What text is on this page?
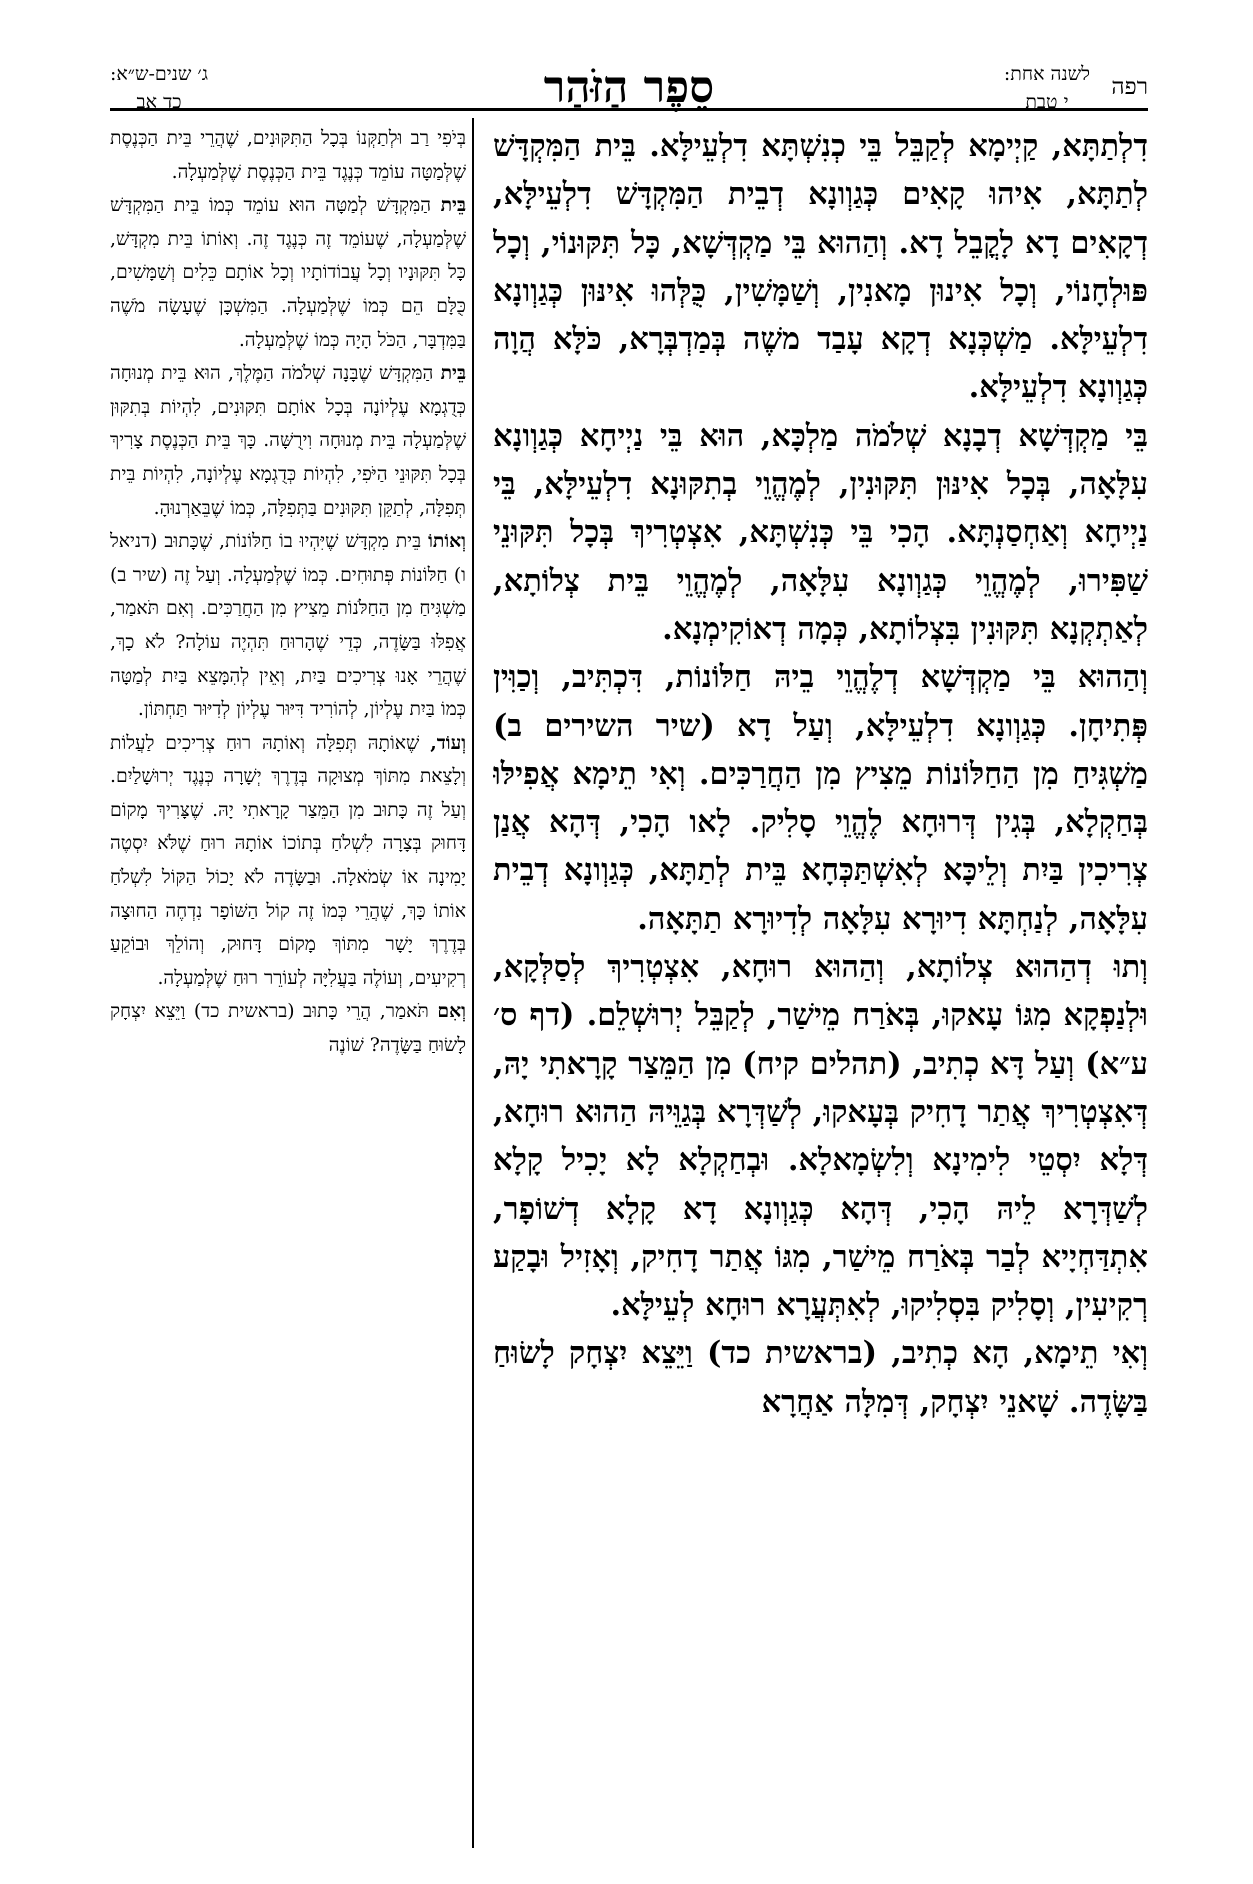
רפה
לשנה אחת:
י טבת
סֵפֶר הַזֹּהַר
ג׳ שנים-ש״א:
כד אב

דִלְתַתָּא, קַיְימָא לְקַבֵּל בֵּי כְנִשְׁתָּא דִלְעֵילָּא. בֵּית הַמִּקְדָּשׁ לְתַתָּא, אִיהוּ קָאִים כְּגַוְונָא דְבֵית הַמִּקְדָּשׁ דִלְעֵילָּא, דְקָאִים דָא לָקֳבֵל דָא. וְהַהוּא בֵּי מַקְדְּשָׁא, כָּל תִּקּוּנוֹי, וְכָל פּוּלְחָנוֹי, וְכָל אִינוּן מָאנִין, וְשַׁמָּשִׁין, כֻּלְּהוּ אִינּוּן כְּגַוְונָא דִלְעֵילָּא. מַשְׁכְּנָא דְקָא עָבַד משֶׁה בְּמַדְבְּרָא, כֹּלָּא הֲוָה כְּגַוְונָא דִלְעֵילָּא.

בֵּי מַקְדְּשָׁא דְבָנָא שְׁלֹמֹה מַלְכָּא, הוּא בֵּי נַיְיחָא כְּגַוְונָא עִלָּאָה, בְּכָל אִינּוּן תִּקּוּנִין, לְמֶהֱוֵי בְתִקּוּנָא דִלְעֵילָּא, בֵּי נַיְיחָא וְאַחְסַנְתָּא. הָכִי בֵּי כְּנִשְׁתָּא, אִצְטְרִיךְ בְּכָל תִּקּוּנֵי שַׁפִּירוּ, לְמֶהֱוֵי כְּגַוְונָא עִלָּאָה, לְמֶהֱוֵי בֵּית צְלוֹתָא, לְאַתְקְנָא תִּקּוּנִין בִּצְלוֹתָא, כְּמָה דְאוֹקִימְנָא.

וְהַהוּא בֵּי מַקְדְּשָׁא דְלֶהֱוֵי בֵיהּ חַלּוֹנוֹת, דִּכְתִּיב, וְכַוִּין פְּתִיחָן. כְּגַוְונָא דִלְעֵילָּא, וְעַל דָא (שיר השירים ב) מַשְׁגִּיחַ מִן הַחַלּוֹנוֹת מֵצִיץ מִן הַחֲרַכִּים. וְאִי תֵימָא אֲפִילּוּ בְּחַקְלָא, בְּגִין דְּרוּחָא לֶהֱוֵי סָלִיק. לָאו הָכִי, דְּהָא אֲנַן צְרִיכִין בַּיִת וְלֵיכָּא לְאִשְׁתַּכְּחָא בֵּית לְתַתָּא, כְּגַוְונָא דְבֵית עִלָּאָה, לְנַחְתָּא דִיוּרָא עִלָּאָה לְדִיוּרָא תַתָּאָה.

וְתוּ דְהַהוּא צְלוֹתָא, וְהַהוּא רוּחָא, אִצְטְרִיךְ לְסַלְּקָא, וּלְנַפְקָא מִגּוֹ עָאקוּ, בְּאֹרַח מֵישַׁר, לְקַבֵּל יְרוּשְׁלֵם. (דף ס׳ ע״א) וְעַל דָּא כְתִיב, (תהלים קיח) מִן הַמֵּצַר קָרָאתִי יָהּ, דְּאִצְטְרִיךְ אֲתַר דָחִיק בְּעָאקוּ, לְשַׁדְּרָא בְּגַוֵּיהּ הַהוּא רוּחָא, דְּלָא יִסְטֵי לִימִינָא וְלִשְׂמָאלָא. וּבְחַקְלָא לָא יָכִיל קָלָא לְשַׁדְּרָא לֵיהּ הָכִי, דְּהָא כְּגַוְונָא דָא קָלָא דְשׁוֹפָר, אִתְדַּחְיָיא לְבַר בְּאֹרַח מֵישַׁר, מִגּוֹ אֲתַר דָחִיק, וְאָזִיל וּבָקַע רְקִיעִין, וְסָלִיק בִּסְלִיקוּ, לְאִתְּעֲרָא רוּחָא לְעֵילָּא.

וְאִי תֵימָא, הָא כְתִיב, (בראשית כד) וַיֵּצֵא יִצְחָק לָשׂוּחַ בַּשָּׂדֶה. שָׁאנֵי יִצְחָק, דְּמִלָּה אַחֲרָא

בְּיֹפִי רַב וּלְתַקְּנוֹ בְּכָל הַתִּקּוּנִים, שֶׁהֲרֵי בֵּית הַכְּנֶסֶת שֶׁלְּמַטָּה עוֹמֵד כְּנֶגֶד בֵּית הַכְּנֶסֶת שֶׁלְּמַעְלָה.

בֵּית הַמִּקְדָּשׁ לְמַטָּה הוּא עוֹמֵד כְּמוֹ בֵּית הַמִּקְדָּשׁ שֶׁלְּמַעְלָה, שֶׁעוֹמֵד זֶה כְּנֶגֶד זֶה. וְאוֹתוֹ בֵּית מִקְדָּשׁ, כָּל תִּקּוּנָיו וְכָל עֲבוֹדוֹתָיו וְכָל אוֹתָם כֵּלִים וְשַׁמָּשִׁים, כֻּלָּם הֵם כְּמוֹ שֶׁלְּמַעְלָה. הַמִּשְׁכָּן שֶׁעָשָׂה מֹשֶׁה בַּמִּדְבָּר, הַכֹּל הָיָה כְּמוֹ שֶׁלְּמַעְלָה.

בֵּית הַמִּקְדָּשׁ שֶׁבָּנָה שְׁלֹמֹה הַמֶּלֶךְ, הוּא בֵּית מְנוּחָה כְּדֻגְמָא עֶלְיוֹנָה בְּכָל אוֹתָם תִּקּוּנִים, לִהְיוֹת בְּתִקּוּן שֶׁלְּמַעְלָה בֵּית מְנוּחָה וִירֻשָּׁה. כָּךְ בֵּית הַכְּנֶסֶת צָרִיךְ בְּכָל תִּקּוּנֵי הַיֹּפִי, לִהְיוֹת כְּדֻגְמָא עֶלְיוֹנָה, לִהְיוֹת בֵּית תְּפִלָּה, לְתַקֵּן תִּקּוּנִים בַּתְּפִלָּה, כְּמוֹ שֶׁבֵּאַרְנוּהָ.

וְאוֹתוֹ בֵּית מִקְדָּשׁ שֶׁיִּהְיוּ בוֹ חַלּוֹנוֹת, שֶׁכָּתוּב (דניאל ו) חַלּוֹנוֹת פְּתוּחִים. כְּמוֹ שֶׁלְּמַעְלָה. וְעַל זֶה (שיר ב) מַשְׁגִּיחַ מִן הַחַלֹּנוֹת מֵצִיץ מִן הַחֲרַכִּים. וְאִם תֹּאמַר, אֲפִלּוּ בַּשָּׂדֶה, כְּדֵי שֶׁהָרוּחַ תִּהְיֶה עוֹלָה? לֹא כָךְ, שֶׁהֲרֵי אָנוּ צְרִיכִים בַּיִת, וְאֵין לְהִמָּצֵא בַּיִת לְמַטָּה כְּמוֹ בַּיִת עֶלְיוֹן, לְהוֹרִיד דִּיּוּר עֶלְיוֹן לְדִיּוּר תַּחְתּוֹן.

וְעוֹד, שֶׁאוֹתָהּ תְּפִלָּה וְאוֹתָהּ רוּחַ צְרִיכִים לַעֲלוֹת וְלָצֵאת מִתּוֹךְ מְצוּקָה בְּדֶרֶךְ יְשָׁרָה כְּנֶגֶד יְרוּשָׁלַיִם. וְעַל זֶה כָּתוּב מִן הַמֵּצַר קָרָאתִי יָהּ. שֶׁצָּרִיךְ מָקוֹם דָּחוּק בְּצָרָה לִשְׁלֹחַ בְּתוֹכוֹ אוֹתָהּ רוּחַ שֶׁלֹּא יִסְטֶה יָמִינָה אוֹ שְׂמֹאלָה. וּבַשָּׂדֶה לֹא יָכוֹל הַקּוֹל לִשְׁלֹחַ אוֹתוֹ כָּךְ, שֶׁהֲרֵי כְּמוֹ זֶה קוֹל הַשּׁוֹפָר נִדְחֶה הַחוּצָה בְּדֶרֶךְ יָשָׁר מִתּוֹךְ מָקוֹם דָּחוּק, וְהוֹלֵךְ וּבוֹקֵעַ רְקִיעִים, וְעוֹלֶה בַּעֲלִיָּה לְעוֹרֵר רוּחַ שֶׁלְּמַעְלָה.

וְאִם תֹּאמַר, הֲרֵי כָּתוּב (בראשית כד) וַיֵּצֵא יִצְחָק לָשׂוּחַ בַּשָּׂדֶה? שׁוֹנֶה
